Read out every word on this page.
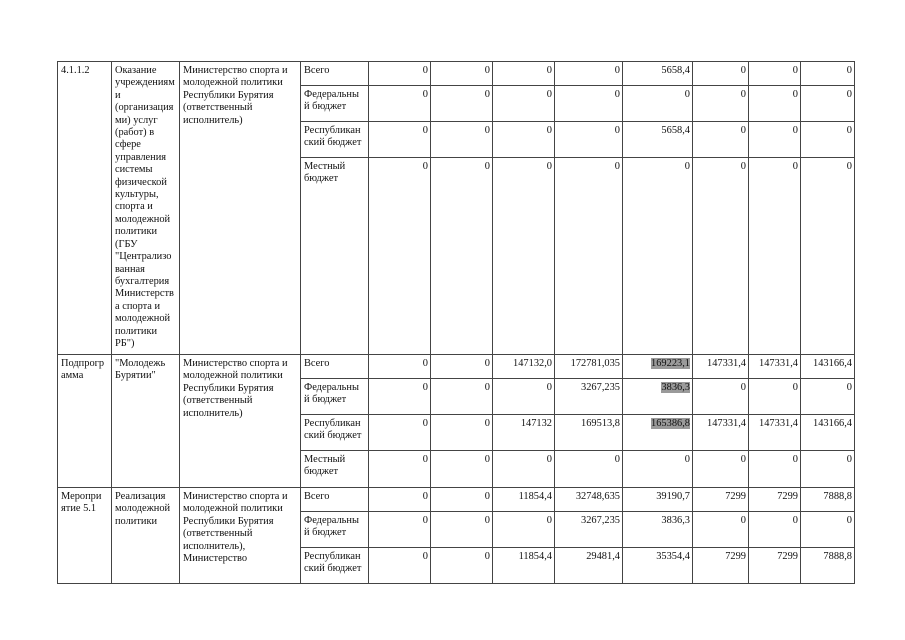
4.1.1.2	Оказание учреждениям и (организация ми) услуг (работ) в сфере управления системы физической культуры, спорта и молодежной политики (ГБУ "Централизо ванная бухгалтерия Министерств а спорта и молодежной политики РБ")	Министерство спорта и молодежной политики Республики Бурятия (ответственный исполнитель)	Всего	0	0	0	0	5658,4	0	0	0
			Федеральны й бюджет	0	0	0	0	0	0	0	0
			Республикан ский бюджет	0	0	0	0	5658,4	0	0	0
			Местный бюджет	0	0	0	0	0	0	0	0
Подпрогр амма	"Молодежь Бурятии"	Министерство спорта и молодежной политики Республики Бурятия (ответственный исполнитель)	Всего	0	0	147132,0	172781,035	169223,1	147331,4	147331,4	143166,4
			Федеральны й бюджет	0	0	0	3267,235	3836,3	0	0	0
			Республикан ский бюджет	0	0	147132	169513,8	165386,8	147331,4	147331,4	143166,4
			Местный бюджет	0	0	0	0	0	0	0	0
Меропри ятие 5.1	Реализация молодежной политики	Министерство спорта и молодежной политики Республики Бурятия (ответственный исполнитель), Министерство	Всего	0	0	11854,4	32748,635	39190,7	7299	7299	7888,8
			Федеральны й бюджет	0	0	0	3267,235	3836,3	0	0	0
			Республикан ский бюджет	0	0	11854,4	29481,4	35354,4	7299	7299	7888,8
